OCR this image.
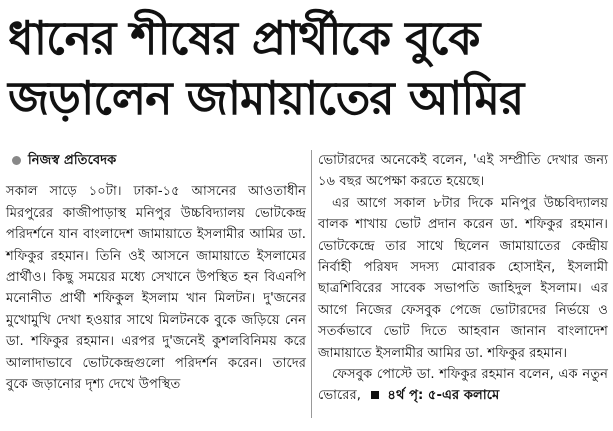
ধানের শীষের প্রার্থীকে বুকে
জড়ালেন জামায়াতের আমির
নিজস্ব প্রতিবেদক

সকাল সাড়ে ১০টা। ঢাকা-১৫ আসনের আওতাধীন মিরপুরের কাজীপাড়াস্থ মনিপুর উচ্চবিদ্যালয় ভোটকেন্দ্র পরিদর্শনে যান বাংলাদেশ জামায়াতে ইসলামীর আমির ডা. শফিকুর রহমান। তিনি ওই আসনে জামায়াতে ইসলামের প্রার্থীও। কিছু সময়ের মধ্যে সেখানে উপস্থিত হন বিএনপি মনোনীত প্রার্থী শফিকুল ইসলাম খান মিলটন। দু'জনের মুখোমুখি দেখা হওয়ার সাথে মিলটনকে বুকে জড়িয়ে নেন ডা. শফিকুর রহমান। এরপর দু'জনেই কুশলবিনিময় করে আলাদাভাবে ভোটকেন্দ্রগুলো পরিদর্শন করেন। তাদের বুকে জড়ানোর দৃশ্য দেখে উপস্থিত

ভোটারদের অনেকেই বলেন, 'এই সম্প্রীতি দেখার জন্য ১৬ বছর অপেক্ষা করতে হয়েছে।

এর আগে সকাল ৮টার দিকে মনিপুর উচ্চবিদ্যালয় বালক শাখায় ভোট প্রদান করেন ডা. শফিকুর রহমান। ভোটকেন্দ্রে তার সাথে ছিলেন জামায়াতের কেন্দ্রীয় নির্বাহী পরিষদ সদস্য মোবারক হোসাইন, ইসলামী ছাত্রশিবিরের সাবেক সভাপতি জাহিদুল ইসলাম। এর আগে নিজের ফেসবুক পেজে ভোটারদের নির্ভয়ে ও সতর্কভাবে ভোট দিতে আহবান জানান বাংলাদেশ জামায়াতে ইসলামীর আমির ডা. শফিকুর রহমান।

ফেসবুক পোস্টে ডা. শফিকুর রহমান বলেন, এক নতুন ভোরের, ৪র্থ পৃ: ৫-এর কলামে
